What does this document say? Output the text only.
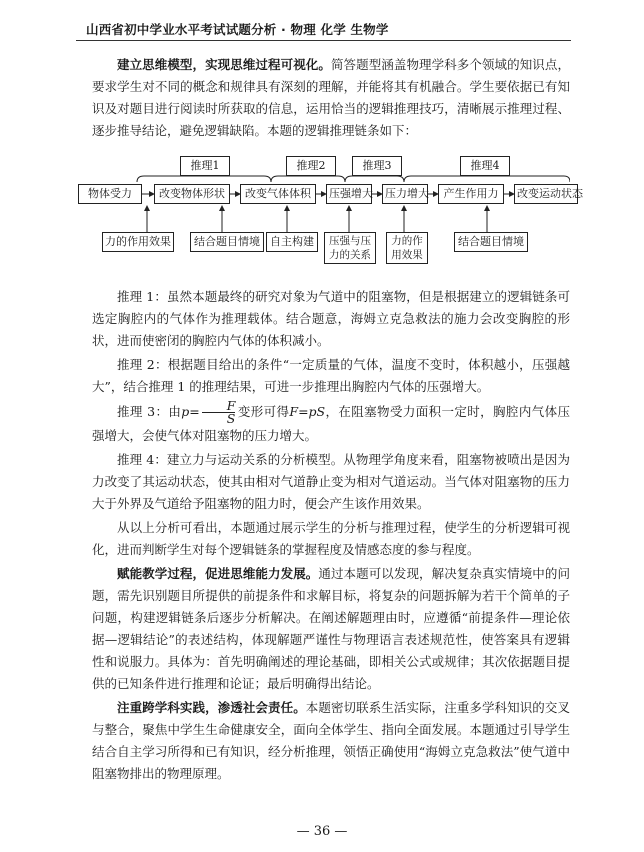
山西省初中学业水平考试试题分析 · 物理 化学 生物学

建立思维模型，实现思维过程可视化。简答题型涵盖物理学科多个领域的知识点，要求学生对不同的概念和规律具有深刻的理解，并能将其有机融合。学生要依据已有知识及对题目进行阅读时所获取的信息，运用恰当的逻辑推理技巧，清晰展示推理过程、逐步推导结论，避免逻辑缺陷。本题的逻辑推理链条如下：

推理1	推理2	推理3	推理4
物体受力	改变物体形状	改变气体体积	压强增大 压力增大	产生作用力	改变运动状态
力的作用效果	结合题目情境 自主构建	压强与压力的关系
力的作用效果
结合题目情境

推理 1：虽然本题最终的研究对象为气道中的阻塞物，但是根据建立的逻辑链条可选定胸腔内的气体作为推理载体。结合题意，海姆立克急救法的施力会改变胸腔的形状，进而使密闭的胸腔内气体的体积减小。

推理 2：根据题目给出的条件“一定质量的气体，温度不变时，体积越小，压强越大”，结合推理 1 的推理结果，可进一步推理出胸腔内气体的压强增大。

推理 3：由$p= \frac{F}{S}$ 变形可得F=pS，在阻塞物受力面积一定时，胸腔内气体压强增大，会使气体对阻塞物的压力增大。

推理 4：建立力与运动关系的分析模型。从物理学角度来看，阻塞物被喷出是因为力改变了其运动状态，使其由相对气道静止变为相对气道运动。当气体对阻塞物的压力大于外界及气道给予阻塞物的阻力时，便会产生该作用效果。

从以上分析可看出，本题通过展示学生的分析与推理过程，使学生的分析逻辑可视化，进而判断学生对每个逻辑链条的掌握程度及情感态度的参与程度。

赋能教学过程，促进思维能力发展。通过本题可以发现，解决复杂真实情境中的问题，需先识别题目所提供的前提条件和求解目标，将复杂的问题拆解为若干个简单的子问题，构建逻辑链条后逐步分析解决。在阐述解题理由时，应遵循“前提条件—理论依据—逻辑结论”的表述结构，体现解题严谨性与物理语言表述规范性，使答案具有逻辑性和说服力。具体为：首先明确阐述的理论基础，即相关公式或规律；其次依据题目提供的已知条件进行推理和论证；最后明确得出结论。

注重跨学科实践，渗透社会责任。本题密切联系生活实际，注重多学科知识的交叉与整合，聚焦中学生生命健康安全，面向全体学生、指向全面发展。本题通过引导学生结合自主学习所得和已有知识，经分析推理，领悟正确使用“海姆立克急救法”使气道中阻塞物排出的物理原理。

— 36 —
